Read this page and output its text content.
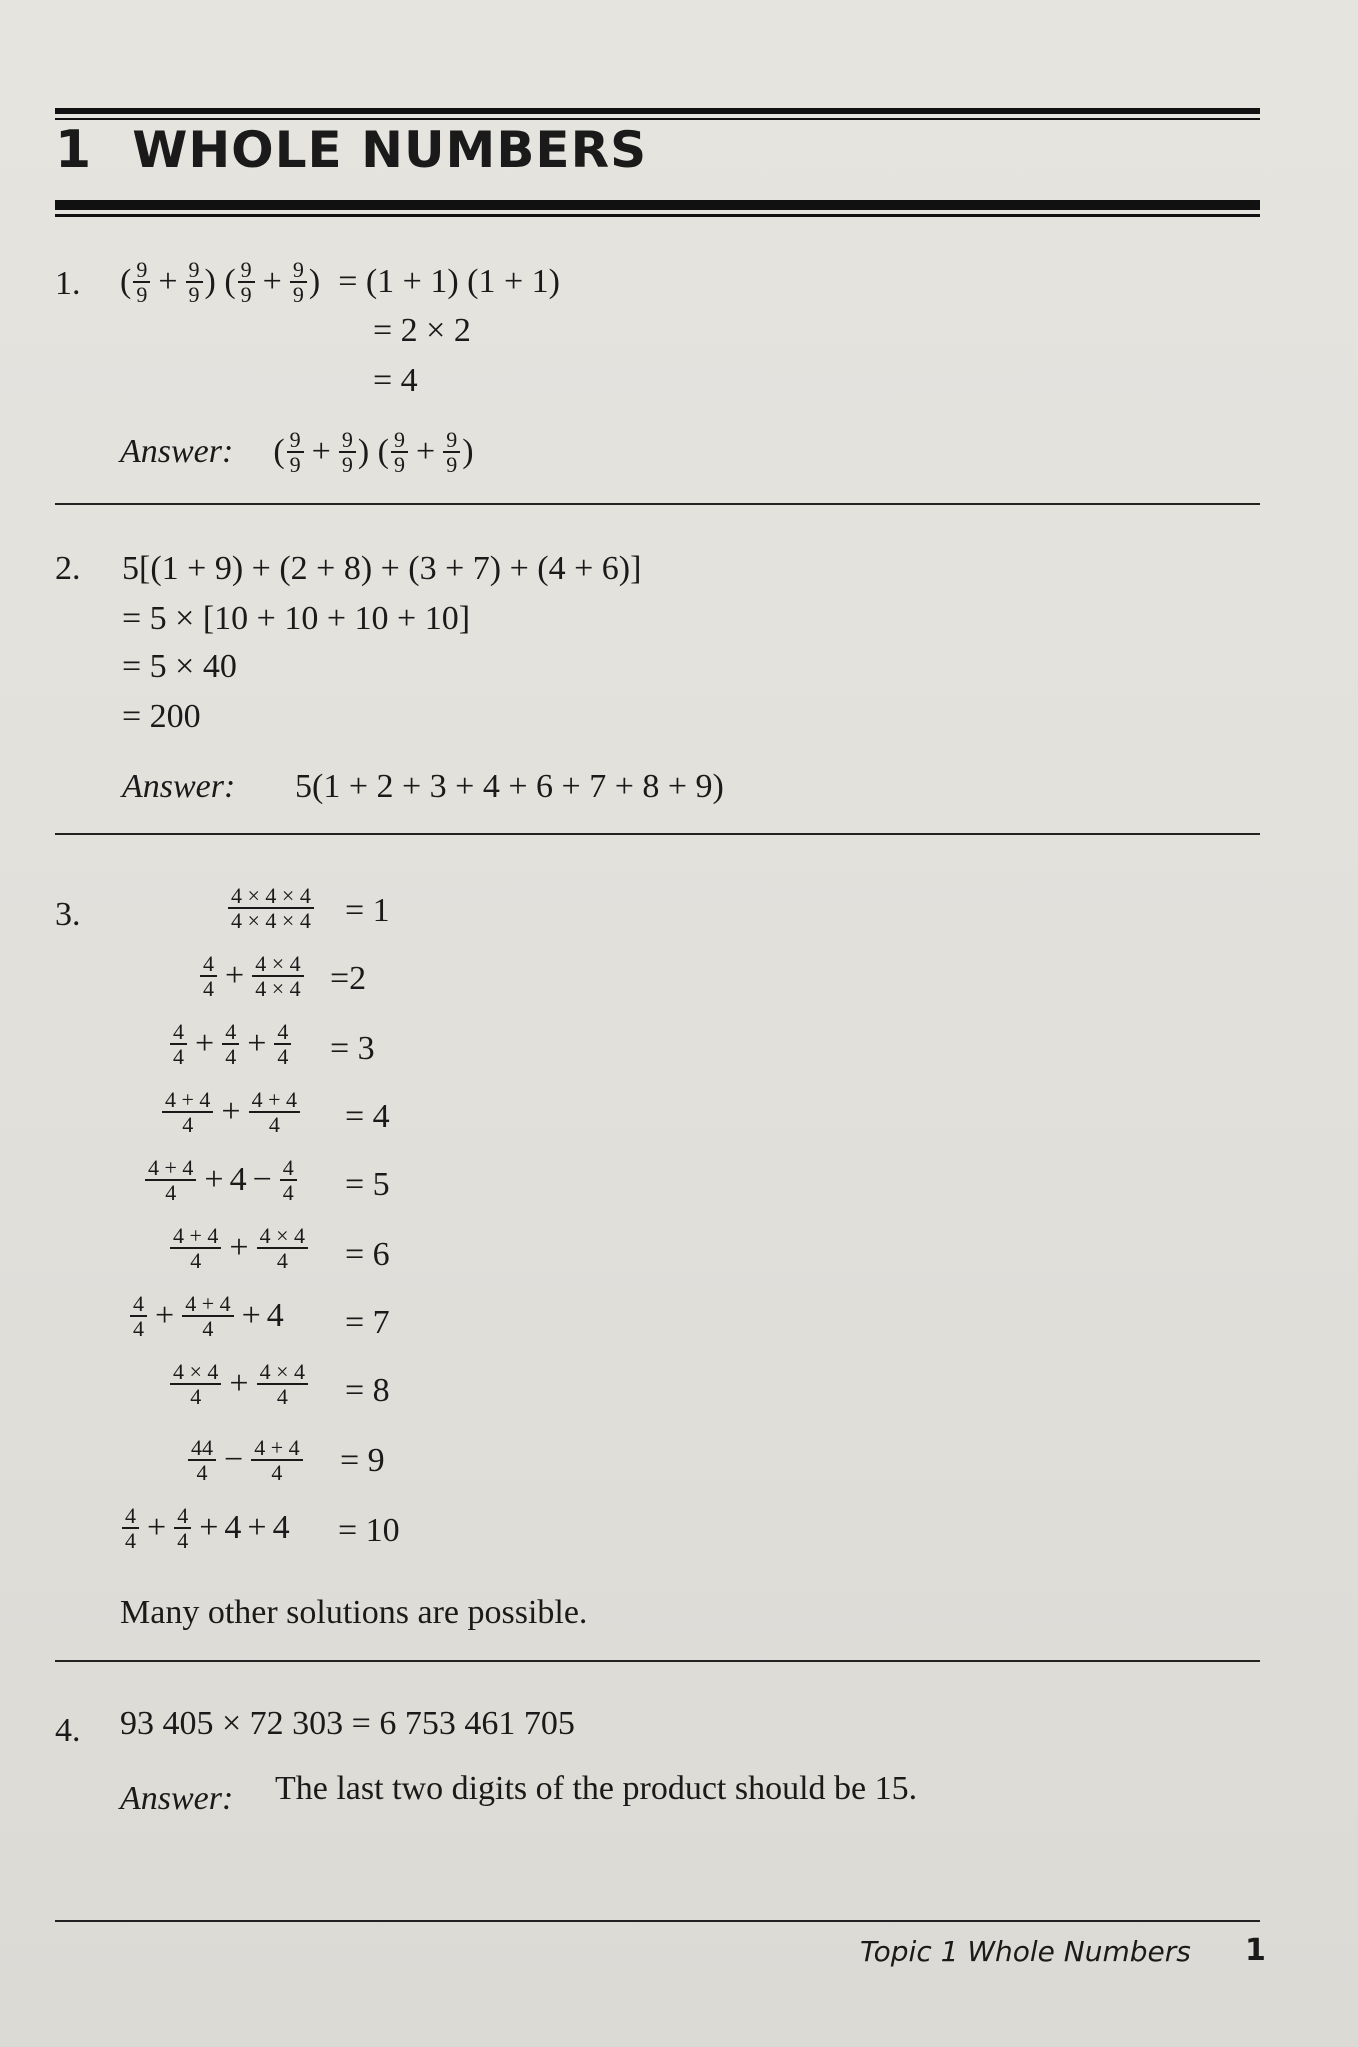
1 WHOLE NUMBERS
1. ( $\frac{9}{9} + \frac{9}{9}$ ) ( $\frac{9}{9} + \frac{9}{9}$ ) = (1 + 1) (1 + 1)
= 2 × 2
= 4
Answer: ( $\frac{9}{9} + \frac{9}{9}$ ) ( $\frac{9}{9} + \frac{9}{9}$ )
2. 5[(1 + 9) + (2 + 8) + (3 + 7) + (4 + 6)]
= 5 × [10 + 10 + 10 + 10]
= 5 × 40
= 200
Answer: 5(1 + 2 + 3 + 4 + 6 + 7 + 8 + 9)
3.	$\frac{4 \times 4 \times 4}{4 \times 4 \times 4} = 1$
$\frac{4}{4} + \frac{4 \times 4}{4 \times 4} =2$
$\frac{4}{4} + \frac{4}{4} + \frac{4}{4} = 3$
$\frac{4 + 4}{4} + \frac{4 + 4}{4} = 4$
$\frac{4 + 4}{4} + 4 - \frac{4}{4} = 5$
$\frac{4 + 4}{4} + \frac{4 \times 4}{4} = 6$
$\frac{4}{4} + \frac{4 + 4}{4} + 4 = 7$
$\frac{4 \times 4}{4} + \frac{4 \times 4}{4} = 8$
$\frac{44}{4} - \frac{4 + 4}{4} = 9$
$\frac{4}{4} + \frac{4}{4} + 4 + 4 = 10$
Many other solutions are possible.
4. 93 405 × 72 303 = 6 753 461 705
Answer: The last two digits of the product should be 15.
Topic 1 Whole Numbers 1
